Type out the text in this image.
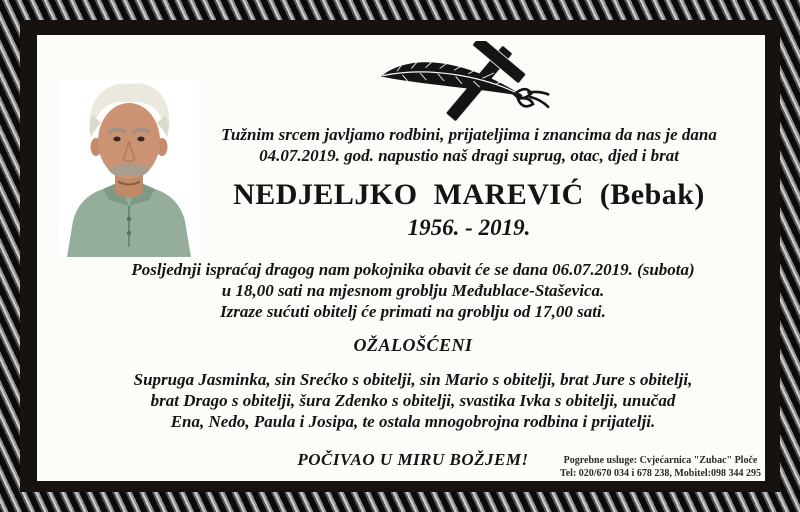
Tužnim srcem javljamo rodbini, prijateljima i znancima da nas je dana
04.07.2019. god. napustio naš dragi suprug, otac, djed i brat
NEDJELJKO MAREVIĆ (Bebak)
1956. - 2019.
Posljednji ispraćaj dragog nam pokojnika obavit će se dana 06.07.2019. (subota)
u 18,00 sati na mjesnom groblju Međublace-Staševica.
Izraze sućuti obitelj će primati na groblju od 17,00 sati.
OŽALOŠĆENI
Supruga Jasminka, sin Srećko s obitelji, sin Mario s obitelji, brat Jure s obitelji,
brat Drago s obitelji, šura Zdenko s obitelji, svastika Ivka s obitelji, unučad
Ena, Nedo, Paula i Josipa, te ostala mnogobrojna rodbina i prijatelji.
POČIVAO U MIRU BOŽJEM!	Pogrebne usluge: Cvjećarnica "Zubac" Ploče
Tel: 020/670 034 i 678 238, Mobitel:098 344 295
